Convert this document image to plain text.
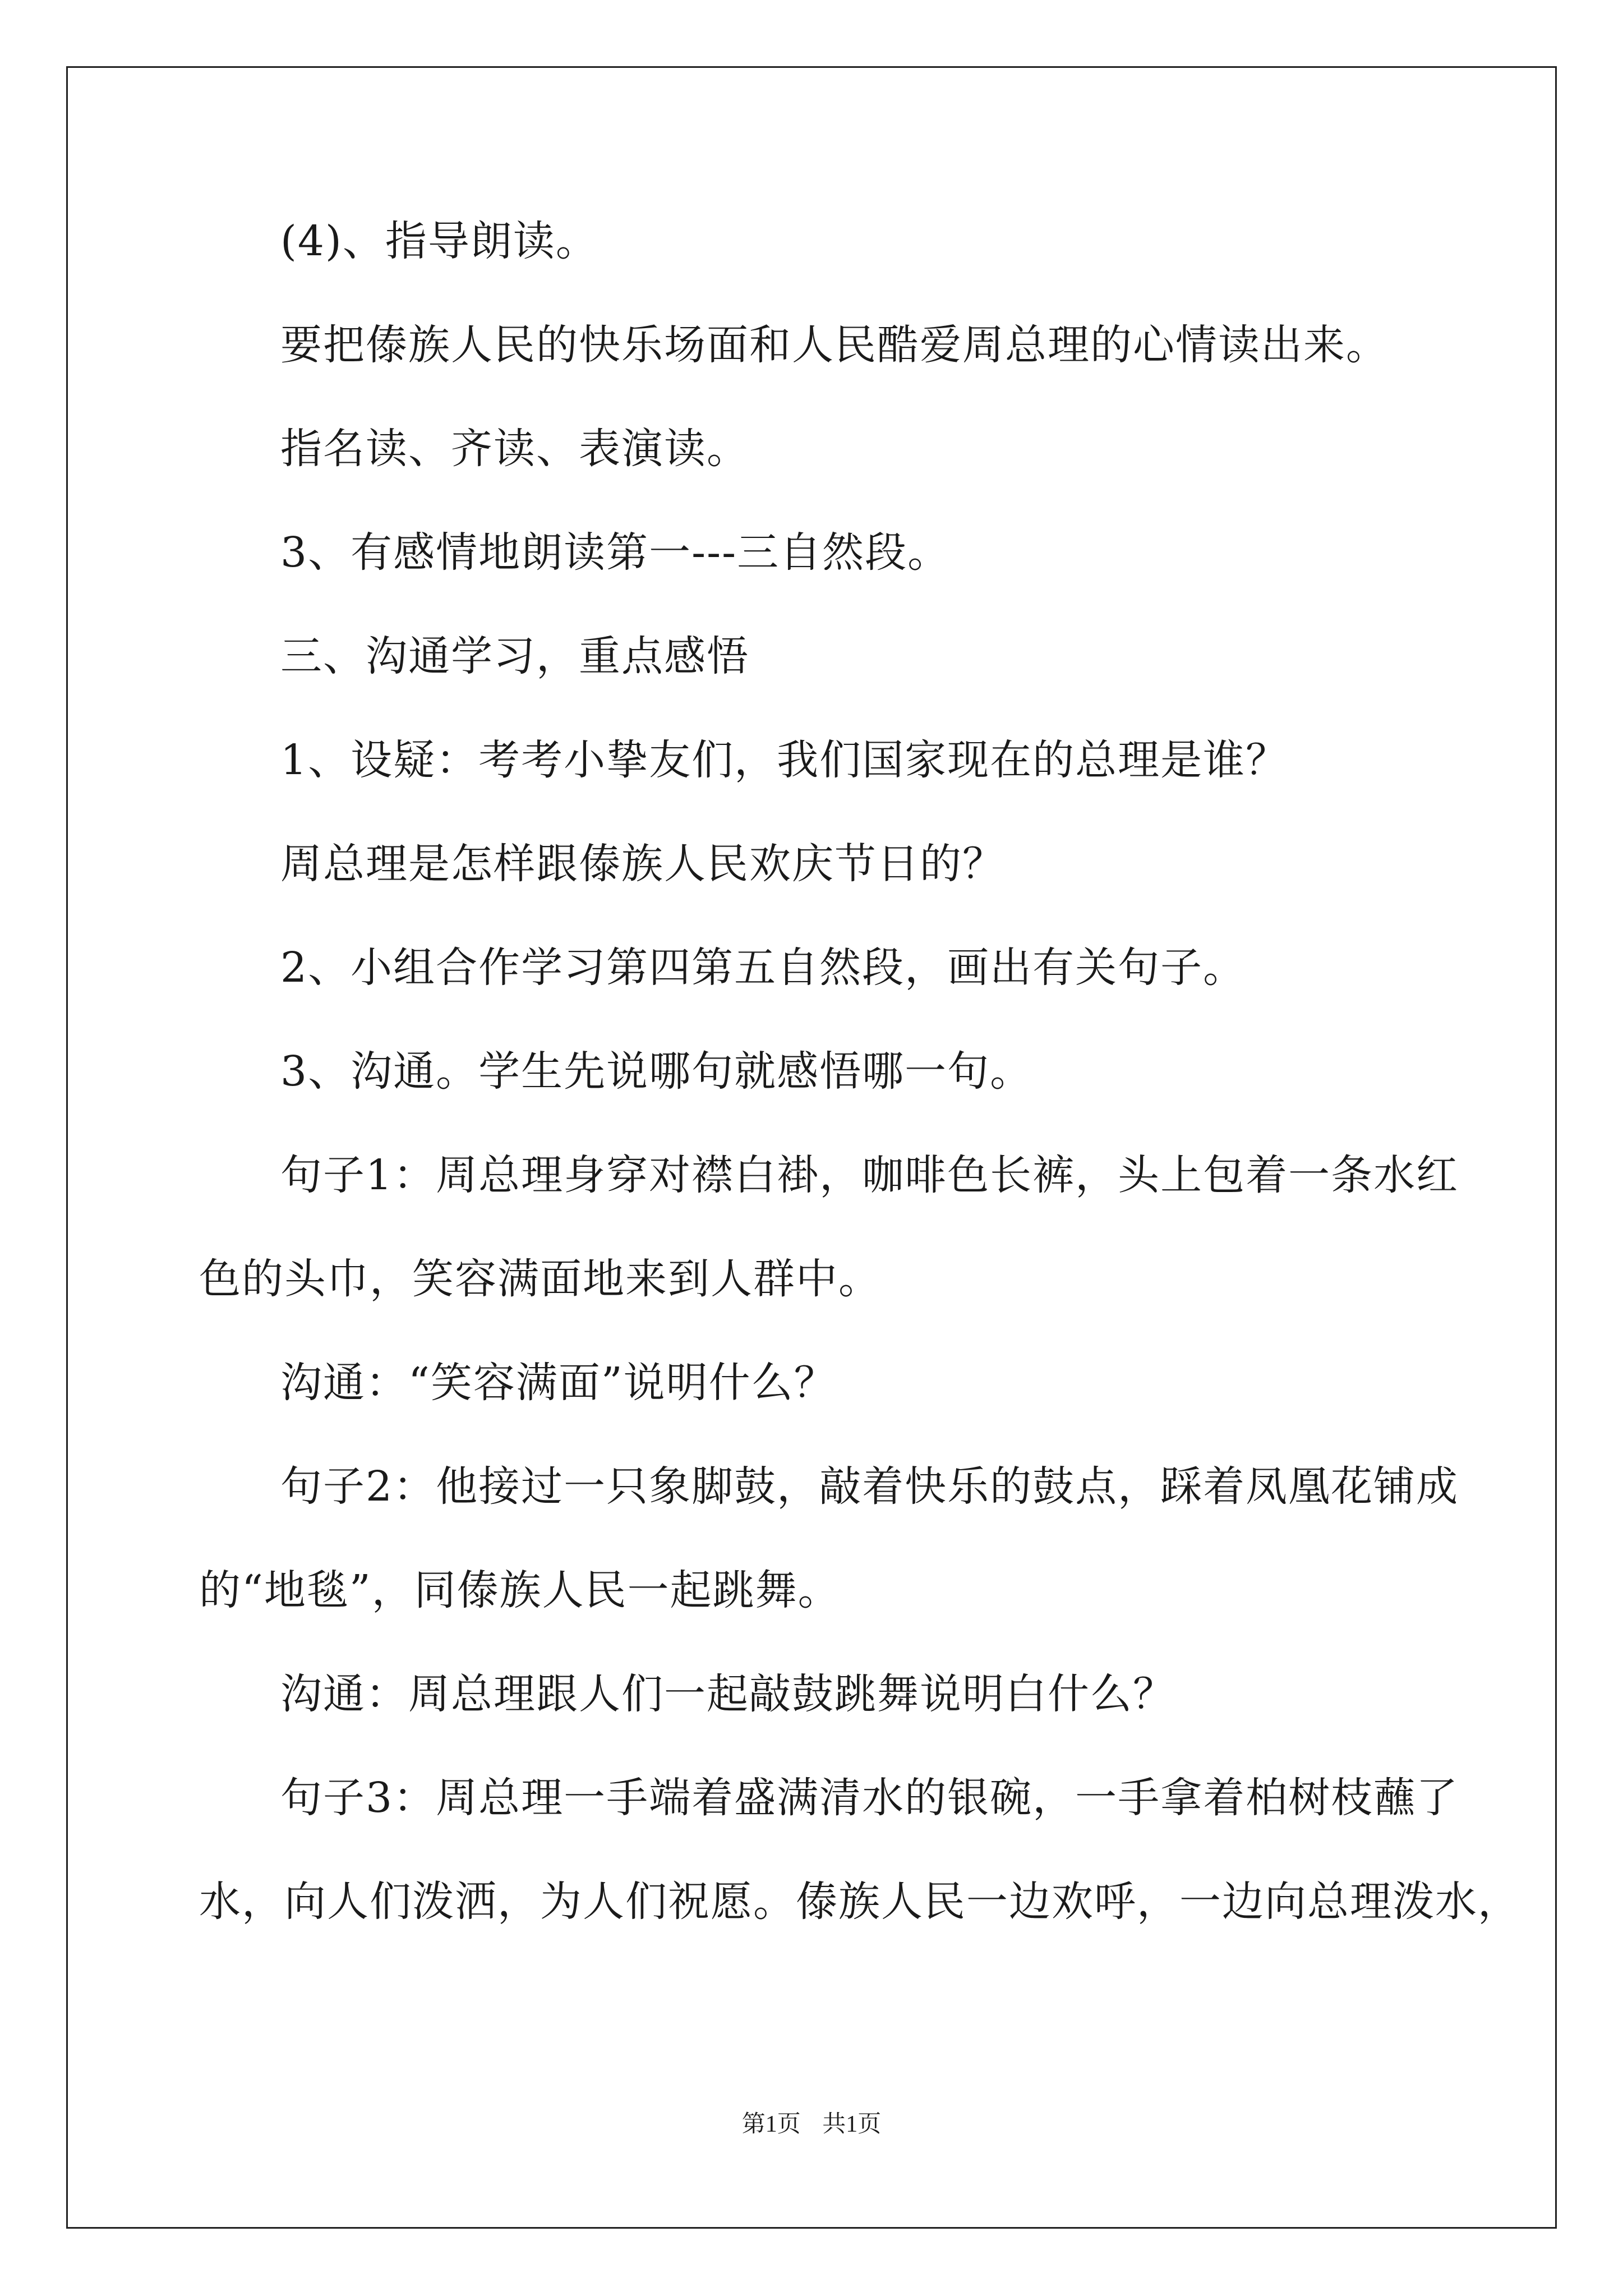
(4)、指导朗读。
要把傣族人民的快乐场面和人民酷爱周总理的心情读出来。
指名读、齐读、表演读。
3、有感情地朗读第一---三自然段。
三、沟通学习，重点感悟
1、设疑：考考小挚友们，我们国家现在的总理是谁？
周总理是怎样跟傣族人民欢庆节日的？
2、小组合作学习第四第五自然段，画出有关句子。
3、沟通。学生先说哪句就感悟哪一句。
句子1：周总理身穿对襟白褂，咖啡色长裤，头上包着一条水红
色的头巾，笑容满面地来到人群中。
沟通：“笑容满面”说明什么？
句子2：他接过一只象脚鼓，敲着快乐的鼓点，踩着凤凰花铺成
的“地毯”，同傣族人民一起跳舞。
沟通：周总理跟人们一起敲鼓跳舞说明白什么？
句子3：周总理一手端着盛满清水的银碗，一手拿着柏树枝蘸了
水，向人们泼洒，为人们祝愿。傣族人民一边欢呼，一边向总理泼水，
第1页 共1页
